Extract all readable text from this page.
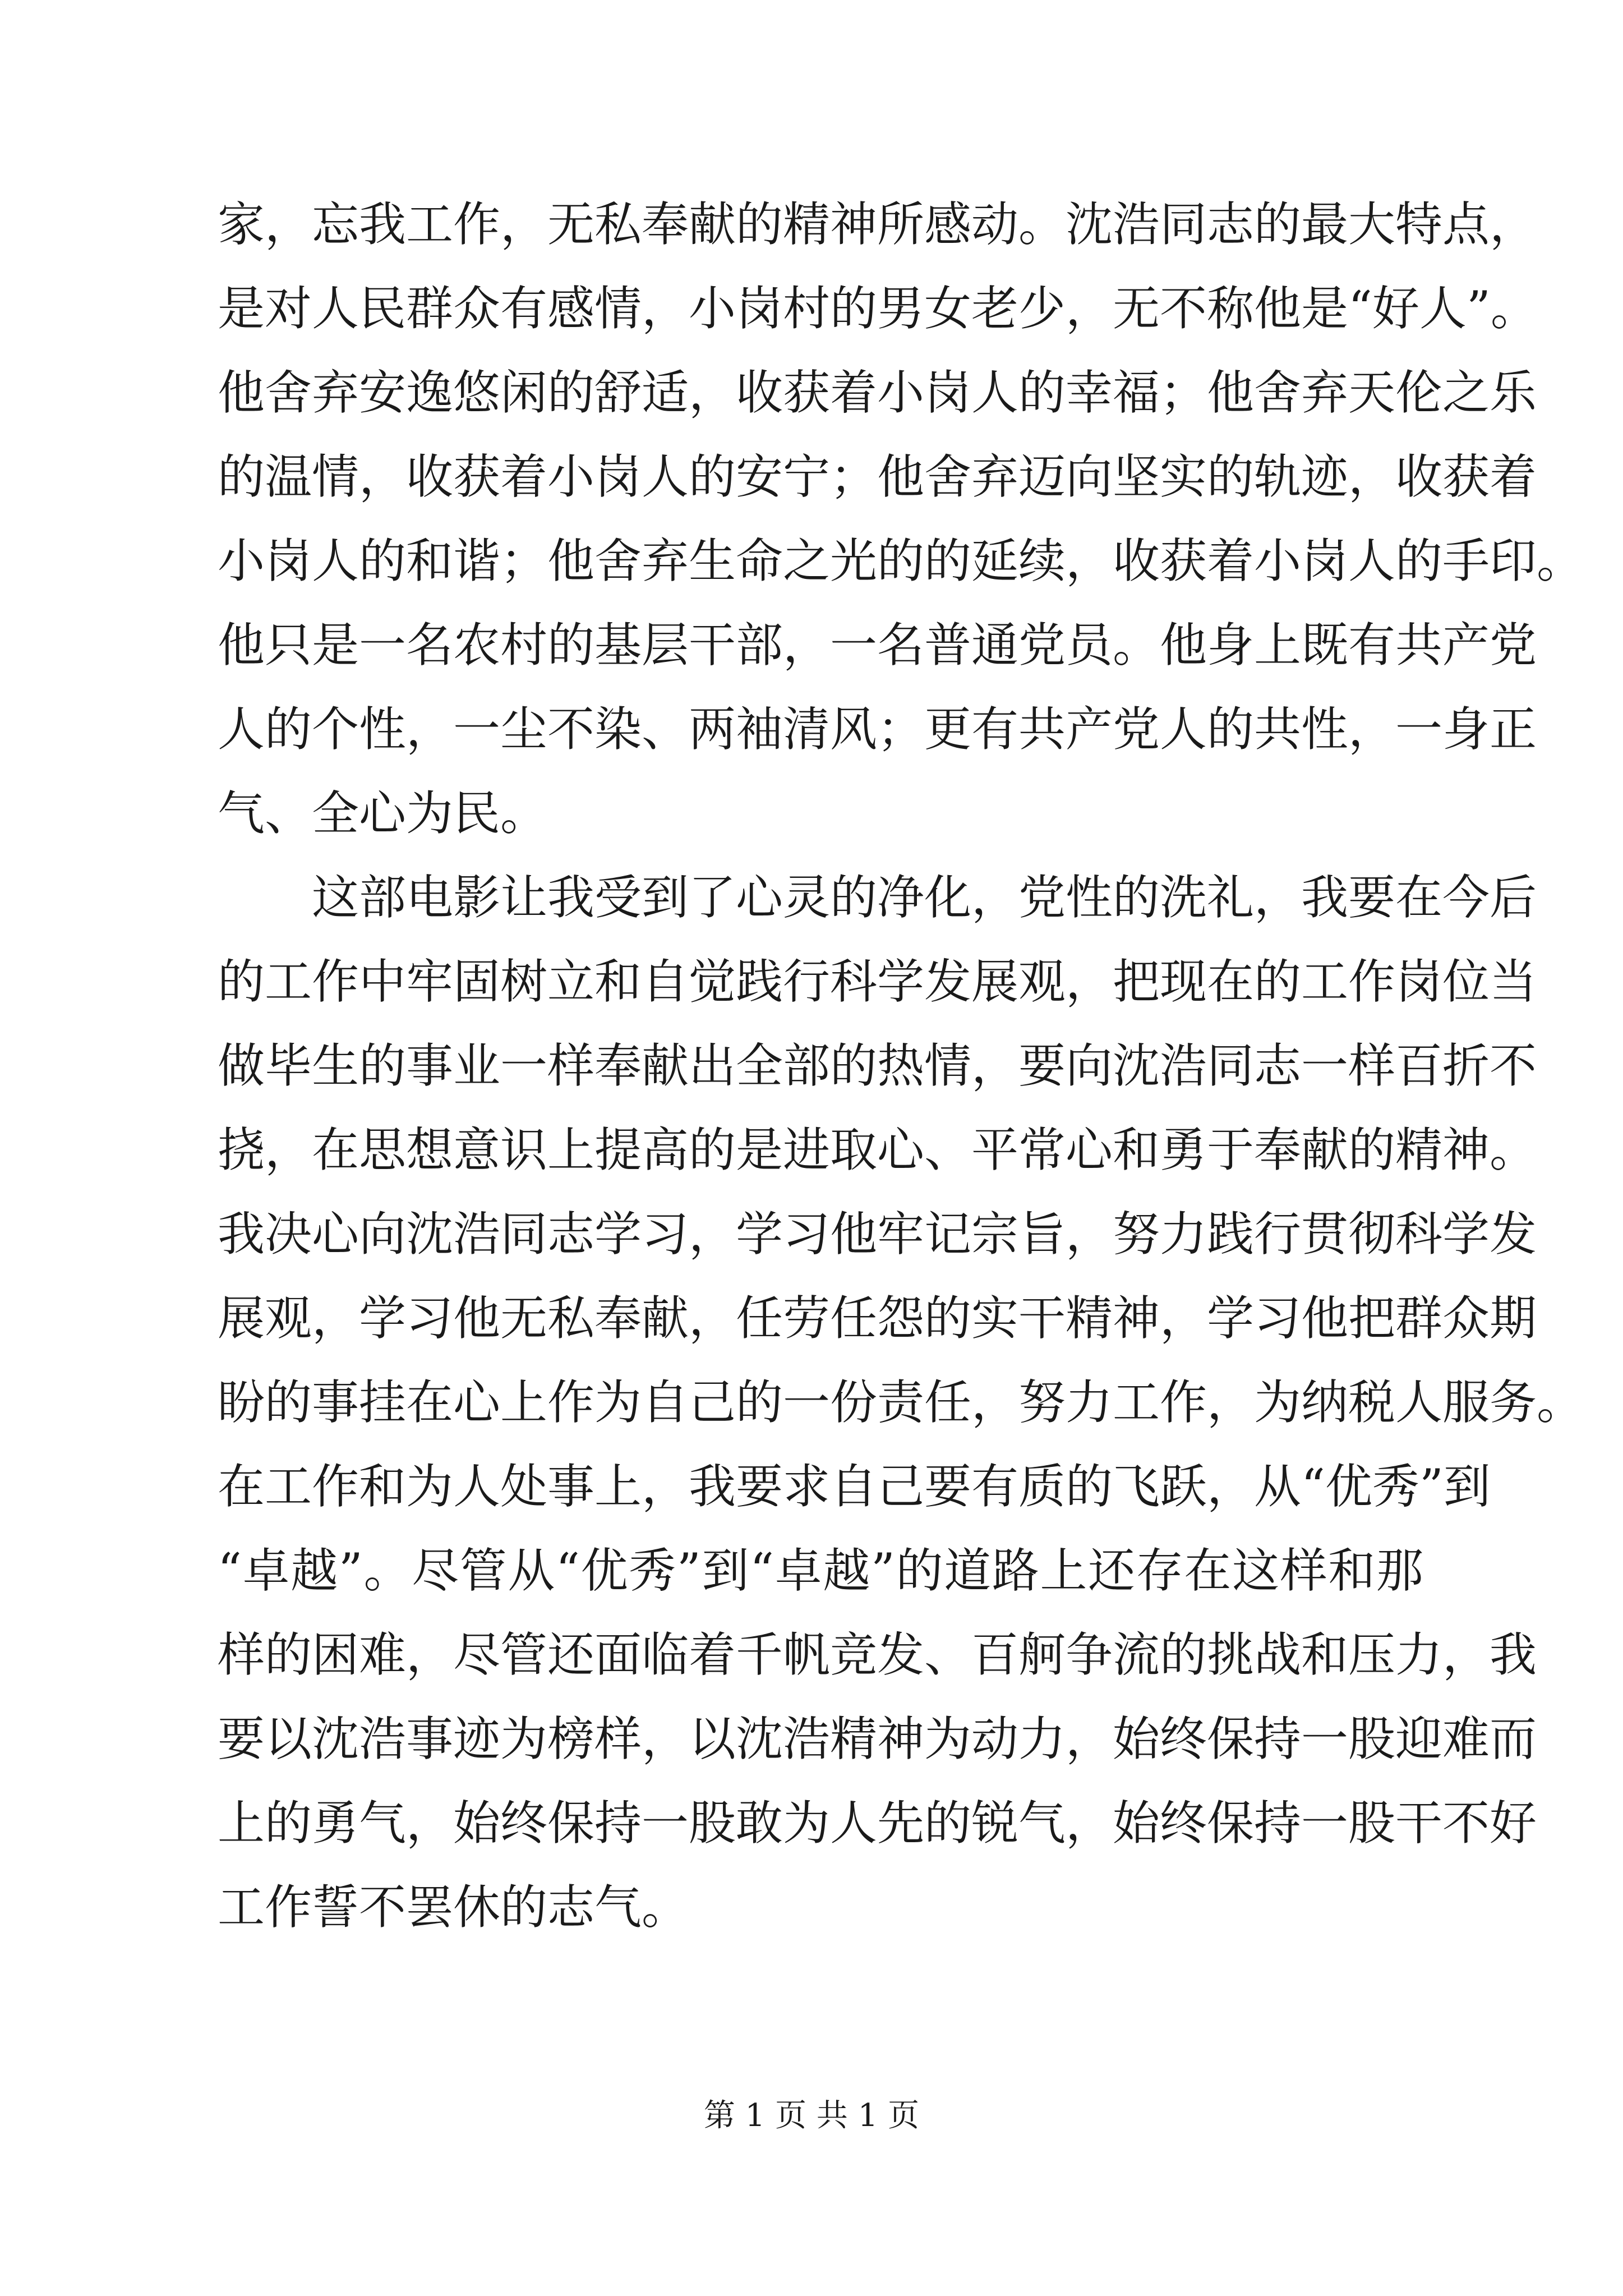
家，忘我工作，无私奉献的精神所感动。沈浩同志的最大特点，
是对人民群众有感情，小岗村的男女老少，无不称他是“好人”。
他舍弃安逸悠闲的舒适，收获着小岗人的幸福；他舍弃天伦之乐
的温情，收获着小岗人的安宁；他舍弃迈向坚实的轨迹，收获着
小岗人的和谐；他舍弃生命之光的的延续，收获着小岗人的手印。
他只是一名农村的基层干部，一名普通党员。他身上既有共产党
人的个性，一尘不染、两袖清风；更有共产党人的共性，一身正
气、全心为民。
这部电影让我受到了心灵的净化，党性的洗礼，我要在今后
的工作中牢固树立和自觉践行科学发展观，把现在的工作岗位当
做毕生的事业一样奉献出全部的热情，要向沈浩同志一样百折不
挠，在思想意识上提高的是进取心、平常心和勇于奉献的精神。
我决心向沈浩同志学习，学习他牢记宗旨，努力践行贯彻科学发
展观，学习他无私奉献，任劳任怨的实干精神，学习他把群众期
盼的事挂在心上作为自己的一份责任，努力工作，为纳税人服务。
在工作和为人处事上，我要求自己要有质的飞跃，从“优秀”到
“卓越”。尽管从“优秀”到“卓越”的道路上还存在这样和那
样的困难，尽管还面临着千帆竞发、百舸争流的挑战和压力，我
要以沈浩事迹为榜样，以沈浩精神为动力，始终保持一股迎难而
上的勇气，始终保持一股敢为人先的锐气，始终保持一股干不好
工作誓不罢休的志气。
第 1 页 共 1 页
